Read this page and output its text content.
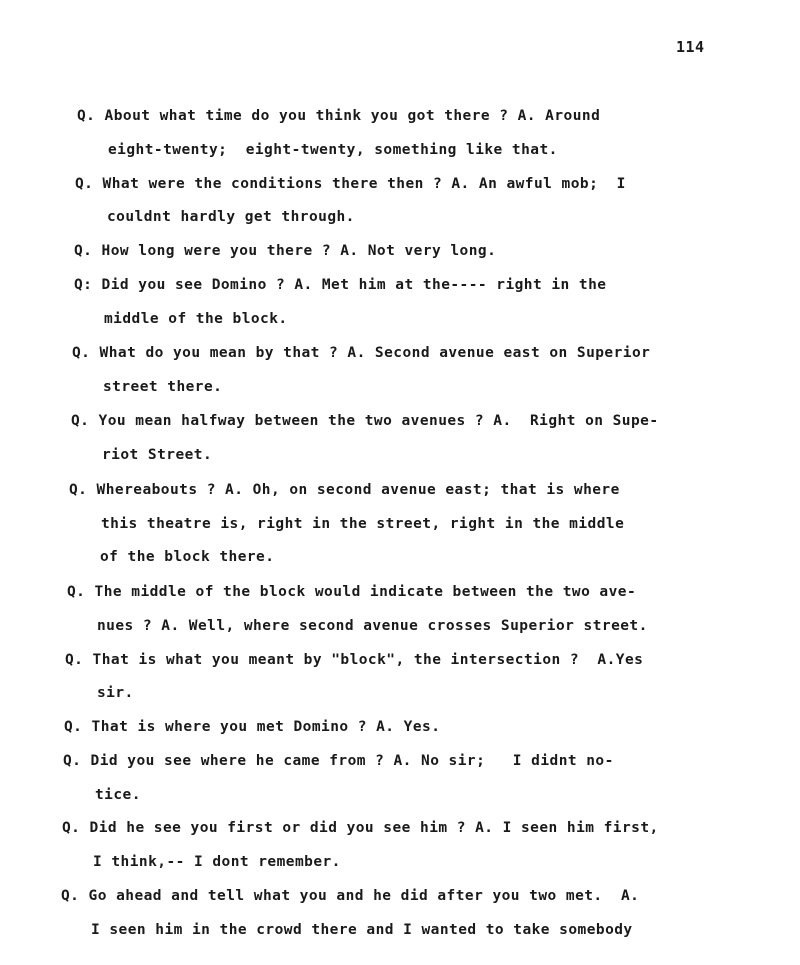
114
Q. About what time do you think you got there ? A. Around
eight-twenty;  eight-twenty, something like that.
Q. What were the conditions there then ? A. An awful mob;  I
couldnt hardly get through.
Q. How long were you there ? A. Not very long.
Q: Did you see Domino ? A. Met him at the---- right in the
middle of the block.
Q. What do you mean by that ? A. Second avenue east on Superior
street there.
Q. You mean halfway between the two avenues ? A.  Right on Supe-
riot Street.
Q. Whereabouts ? A. Oh, on second avenue east; that is where
this theatre is, right in the street, right in the middle
of the block there.
Q. The middle of the block would indicate between the two ave-
nues ? A. Well, where second avenue crosses Superior street.
Q. That is what you meant by "block", the intersection ?  A.Yes
sir.
Q. That is where you met Domino ? A. Yes.
Q. Did you see where he came from ? A. No sir;   I didnt no-
tice.
Q. Did he see you first or did you see him ? A. I seen him first,
I think,-- I dont remember.
Q. Go ahead and tell what you and he did after you two met.  A.
I seen him in the crowd there and I wanted to take somebody
